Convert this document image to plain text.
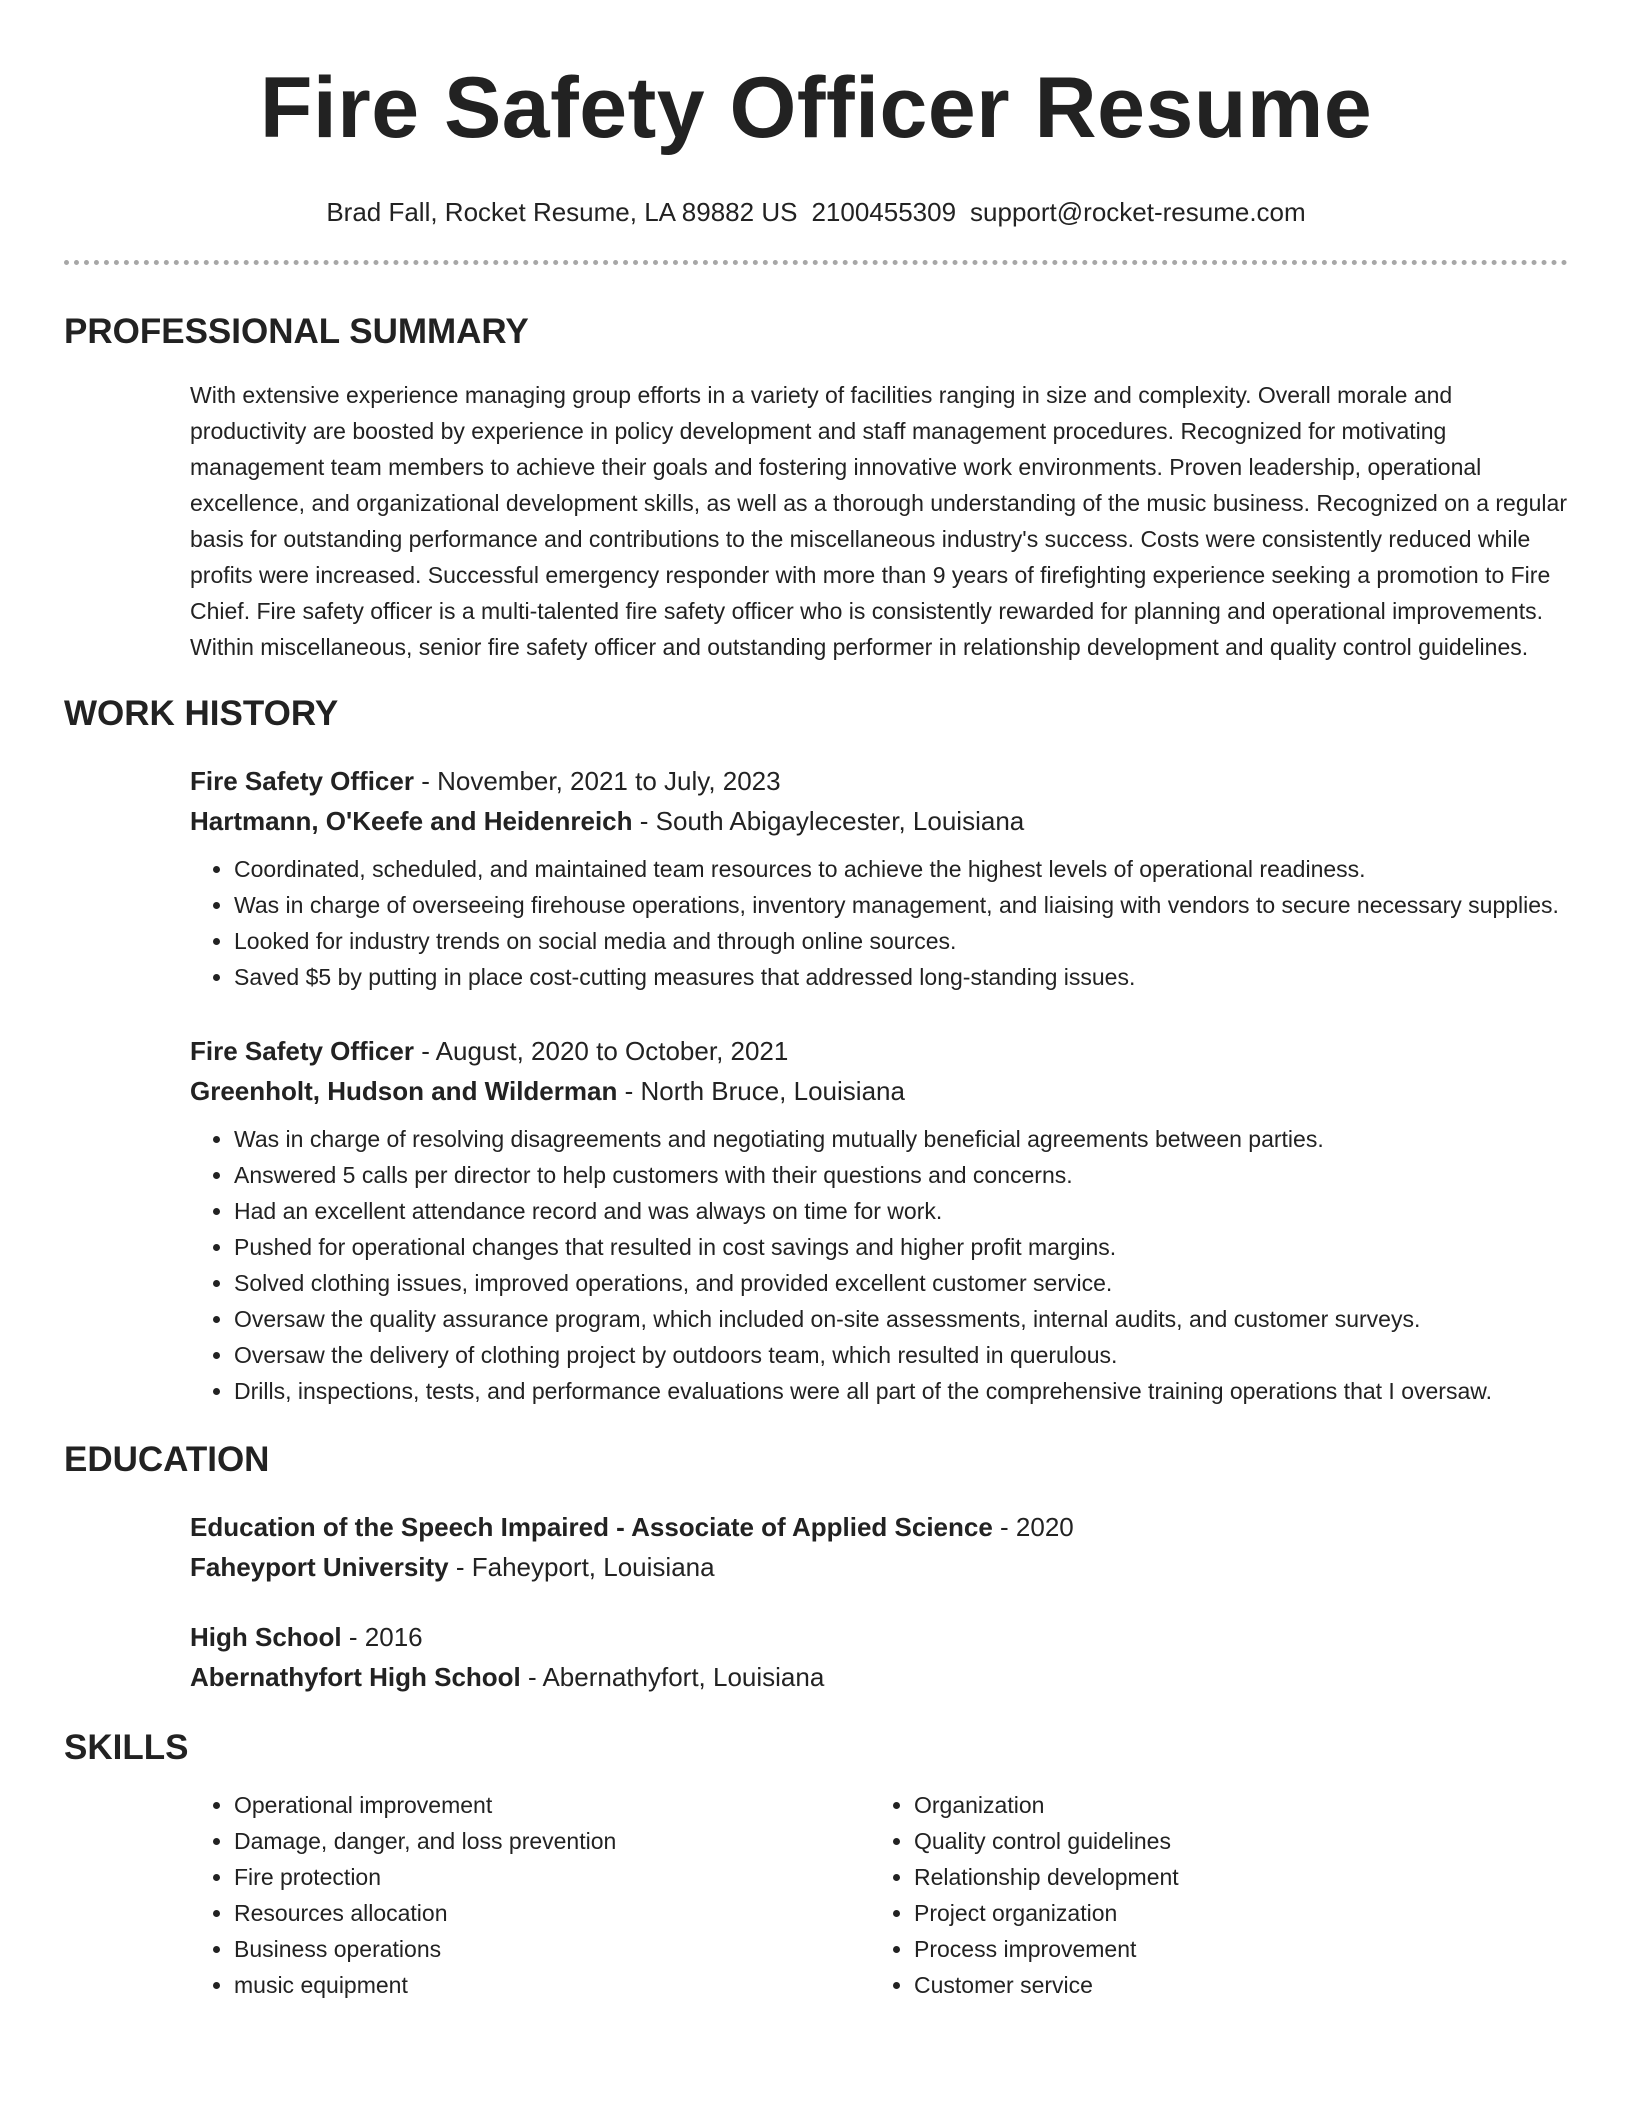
Fire Safety Officer Resume
Brad Fall, Rocket Resume, LA 89882 US 2100455309 support@rocket-resume.com
PROFESSIONAL SUMMARY

With extensive experience managing group efforts in a variety of facilities ranging in size and complexity. Overall morale and productivity are boosted by experience in policy development and staff management procedures. Recognized for motivating management team members to achieve their goals and fostering innovative work environments. Proven leadership, operational excellence, and organizational development skills, as well as a thorough understanding of the music business. Recognized on a regular basis for outstanding performance and contributions to the miscellaneous industry's success. Costs were consistently reduced while profits were increased. Successful emergency responder with more than 9 years of firefighting experience seeking a promotion to Fire Chief. Fire safety officer is a multi-talented fire safety officer who is consistently rewarded for planning and operational improvements. Within miscellaneous, senior fire safety officer and outstanding performer in relationship development and quality control guidelines.

WORK HISTORY
Fire Safety Officer - November, 2021 to July, 2023
Hartmann, O'Keefe and Heidenreich - South Abigaylecester, Louisiana
• Coordinated, scheduled, and maintained team resources to achieve the highest levels of operational readiness.
• Was in charge of overseeing firehouse operations, inventory management, and liaising with vendors to secure necessary supplies.
• Looked for industry trends on social media and through online sources.
• Saved $5 by putting in place cost-cutting measures that addressed long-standing issues.
Fire Safety Officer - August, 2020 to October, 2021
Greenholt, Hudson and Wilderman - North Bruce, Louisiana
• Was in charge of resolving disagreements and negotiating mutually beneficial agreements between parties.
• Answered 5 calls per director to help customers with their questions and concerns.
• Had an excellent attendance record and was always on time for work.
• Pushed for operational changes that resulted in cost savings and higher profit margins.
• Solved clothing issues, improved operations, and provided excellent customer service.
• Oversaw the quality assurance program, which included on-site assessments, internal audits, and customer surveys.
• Oversaw the delivery of clothing project by outdoors team, which resulted in querulous.
• Drills, inspections, tests, and performance evaluations were all part of the comprehensive training operations that I oversaw.
EDUCATION
Education of the Speech Impaired - Associate of Applied Science - 2020
Faheyport University - Faheyport, Louisiana
High School - 2016
Abernathyfort High School - Abernathyfort, Louisiana
SKILLS
• Operational improvement
• Damage, danger, and loss prevention
• Fire protection
• Resources allocation
• Business operations
• music equipment
• Organization
• Quality control guidelines
• Relationship development
• Project organization
• Process improvement
• Customer service
